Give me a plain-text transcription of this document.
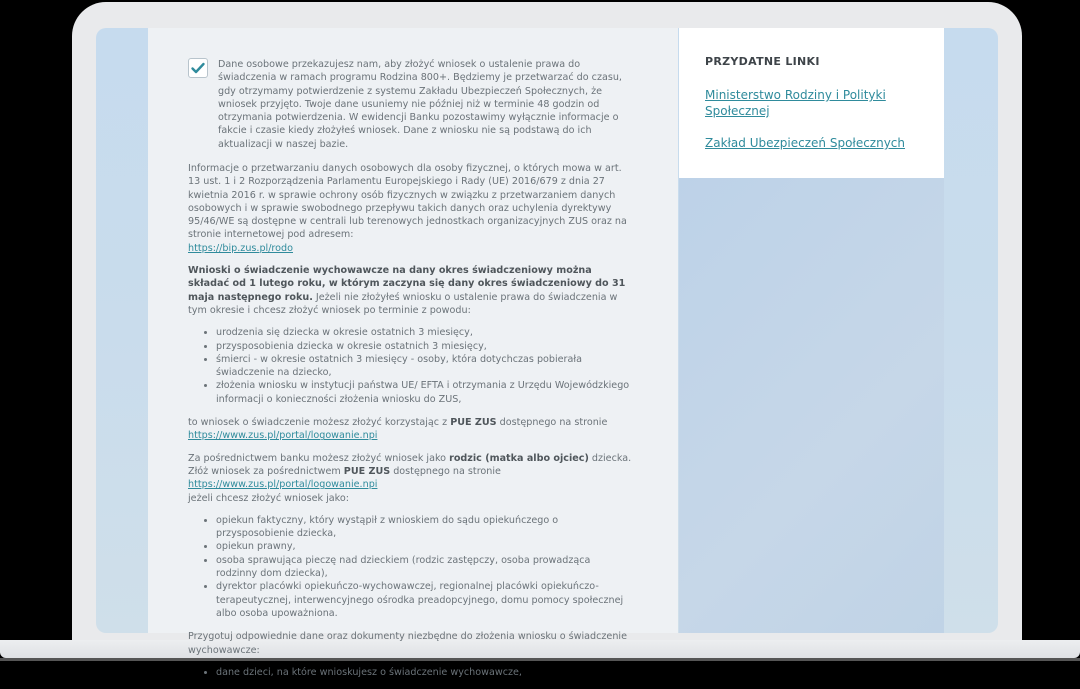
Dane osobowe przekazujesz nam, aby złożyć wniosek o ustalenie prawa do świadczenia w ramach programu Rodzina 800+. Będziemy je przetwarzać do czasu, gdy otrzymamy potwierdzenie z systemu Zakładu Ubezpieczeń Społecznych, że wniosek przyjęto. Twoje dane usuniemy nie później niż w terminie 48 godzin od otrzymania potwierdzenia. W ewidencji Banku pozostawimy wyłącznie informacje o fakcie i czasie kiedy złożyłeś wniosek. Dane z wniosku nie są podstawą do ich aktualizacji w naszej bazie.

Informacje o przetwarzaniu danych osobowych dla osoby fizycznej, o których mowa w art. 13 ust. 1 i 2 Rozporządzenia Parlamentu Europejskiego i Rady (UE) 2016/679 z dnia 27 kwietnia 2016 r. w sprawie ochrony osób fizycznych w związku z przetwarzaniem danych osobowych i w sprawie swobodnego przepływu takich danych oraz uchylenia dyrektywy 95/46/WE są dostępne w centrali lub terenowych jednostkach organizacyjnych ZUS oraz na stronie internetowej pod adresem:
https://bip.zus.pl/rodo

Wnioski o świadczenie wychowawcze na dany okres świadczeniowy można składać od 1 lutego roku, w którym zaczyna się dany okres świadczeniowy do 31 maja następnego roku. Jeżeli nie złożyłeś wniosku o ustalenie prawa do świadczenia w tym okresie i chcesz złożyć wniosek po terminie z powodu:

• urodzenia się dziecka w okresie ostatnich 3 miesięcy,
• przysposobienia dziecka w okresie ostatnich 3 miesięcy,
• śmierci - w okresie ostatnich 3 miesięcy - osoby, która dotychczas pobierała świadczenie na dziecko,
• złożenia wniosku w instytucji państwa UE/ EFTA i otrzymania z Urzędu Wojewódzkiego informacji o konieczności złożenia wniosku do ZUS,

to wniosek o świadczenie możesz złożyć korzystając z PUE ZUS dostępnego na stronie
https://www.zus.pl/portal/logowanie.npi

Za pośrednictwem banku możesz złożyć wniosek jako rodzic (matka albo ojciec) dziecka. Złóż wniosek za pośrednictwem PUE ZUS dostępnego na stronie https://www.zus.pl/portal/logowanie.npi
jeżeli chcesz złożyć wniosek jako:

• opiekun faktyczny, który wystąpił z wnioskiem do sądu opiekuńczego o przysposobienie dziecka,
• opiekun prawny,
• osoba sprawująca pieczę nad dzieckiem (rodzic zastępczy, osoba prowadząca rodzinny dom dziecka),
• dyrektor placówki opiekuńczo-wychowawczej, regionalnej placówki opiekuńczo-terapeutycznej, interwencyjnego ośrodka preadopcyjnego, domu pomocy społecznej albo osoba upoważniona.

Przygotuj odpowiednie dane oraz dokumenty niezbędne do złożenia wniosku o świadczenie wychowawcze:

• dane dzieci, na które wnioskujesz o świadczenie wychowawcze,
PRZYDATNE LINKI
Ministerstwo Rodziny i Polityki Społecznej
Zakład Ubezpieczeń Społecznych
